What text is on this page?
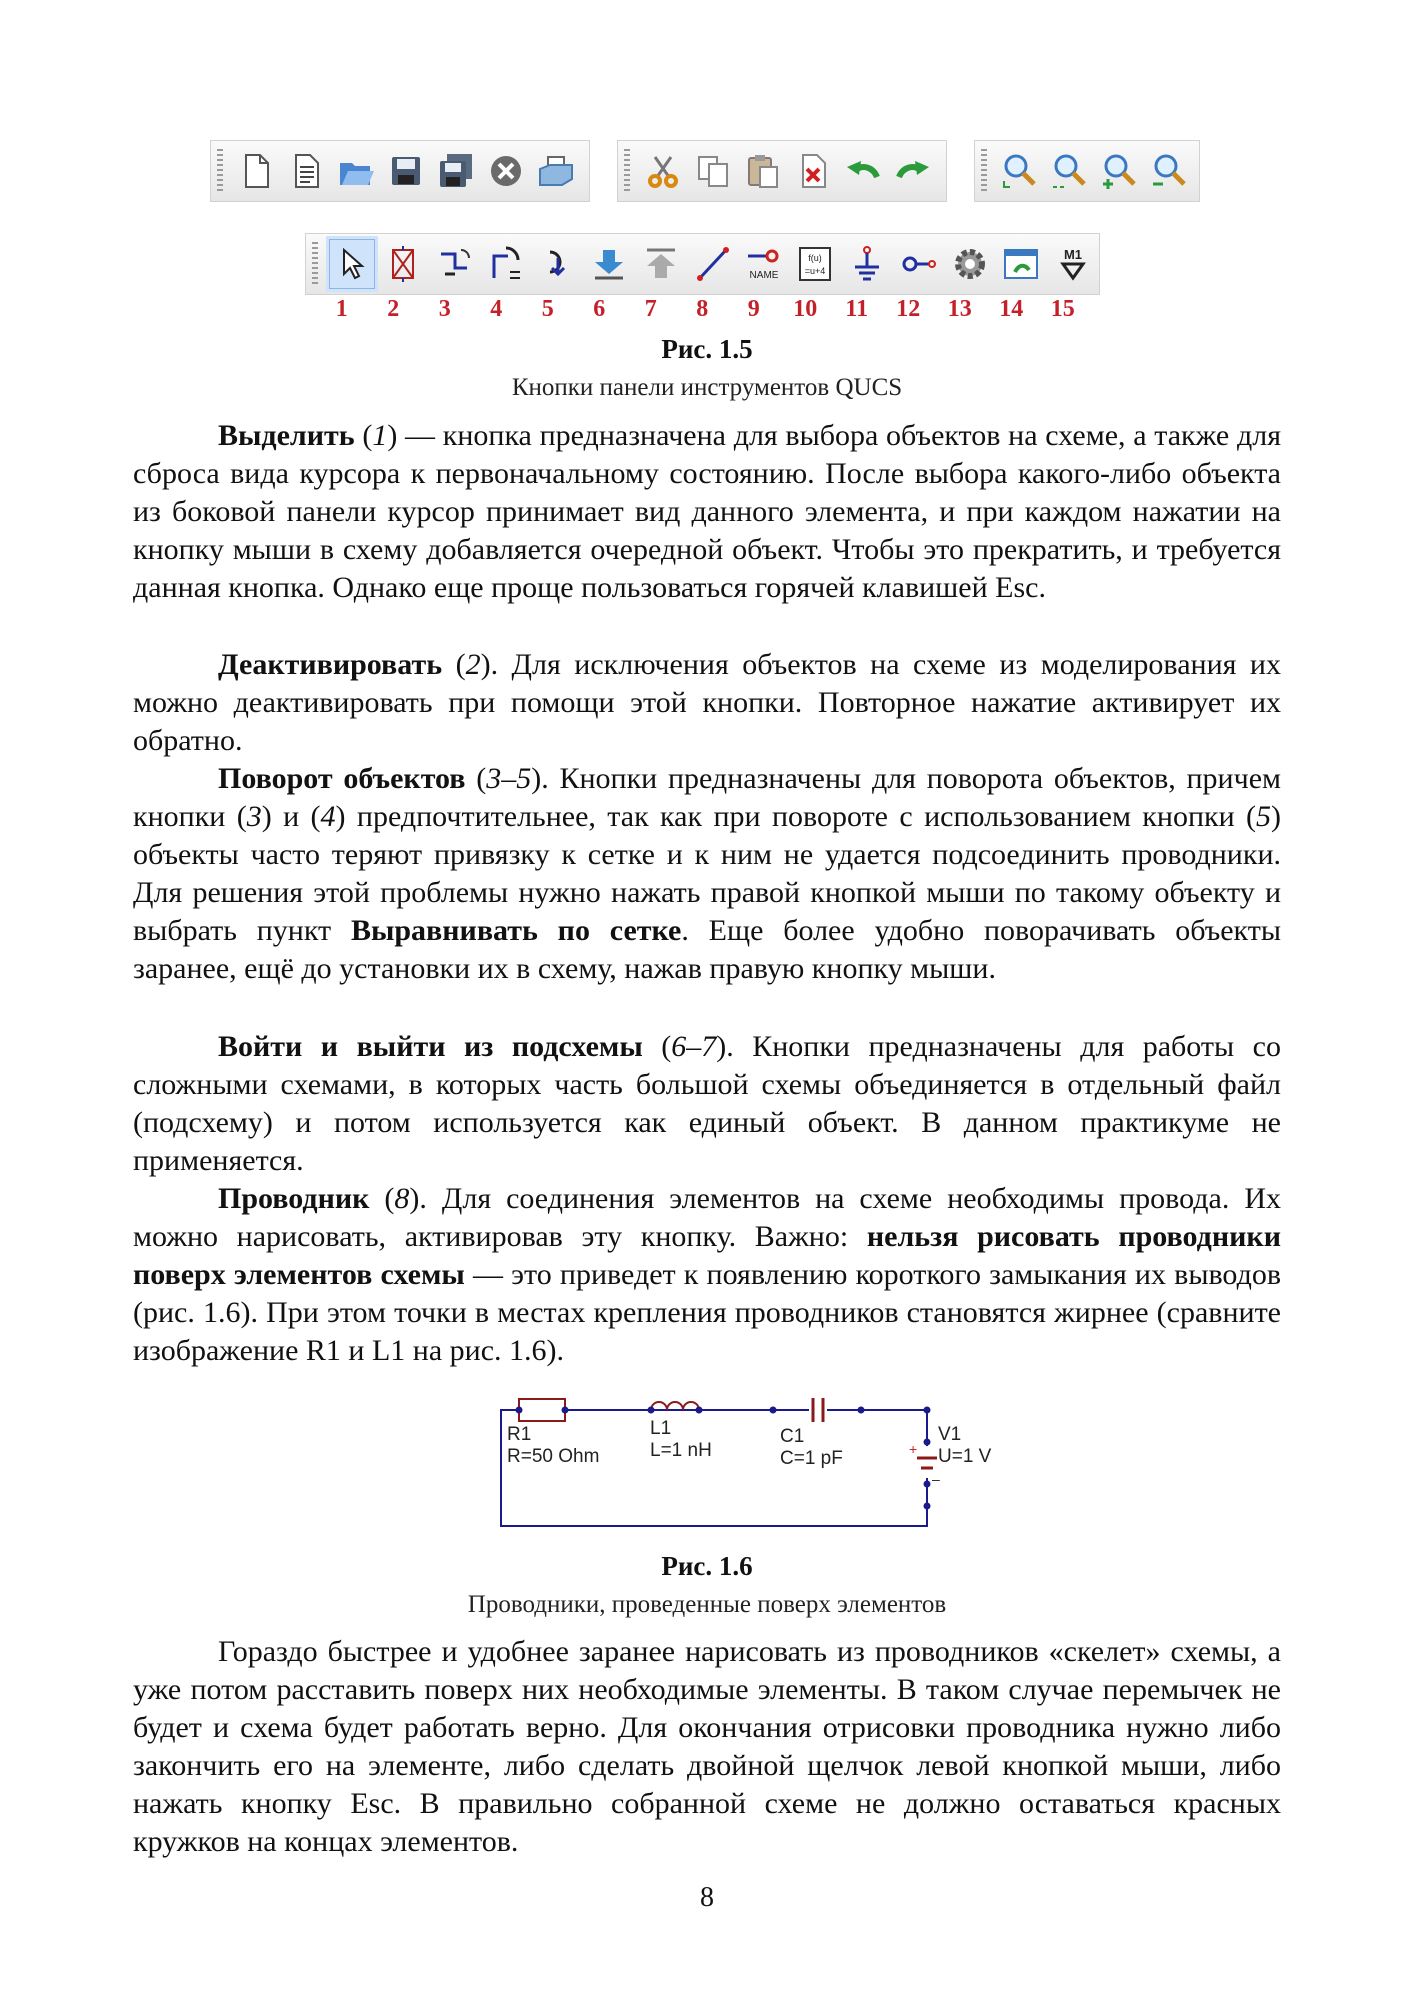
NAME
f(u)
=u+4
M1
1	2	3	4	5	6	7	8	9	10	11	12	13	14	15
Рис. 1.5
Кнопки панели инструментов QUCS
Выделить (1) — кнопка предназначена для выбора объектов на схеме, а также для сброса вида курсора к первоначальному состоянию. После выбора какого-либо объекта из боковой панели курсор принимает вид данного элемента, и при каждом нажатии на кнопку мыши в схему добавляется очередной объект. Чтобы это прекратить, и требуется данная кнопка. Однако еще проще пользоваться горячей клавишей Esc.
Деактивировать (2). Для исключения объектов на схеме из моделирования их можно деактивировать при помощи этой кнопки. Повторное нажатие активирует их обратно.
Поворот объектов (3–5). Кнопки предназначены для поворота объектов, причем кнопки (3) и (4) предпочтительнее, так как при повороте с использованием кнопки (5) объекты часто теряют привязку к сетке и к ним не удается подсоединить проводники. Для решения этой проблемы нужно нажать правой кнопкой мыши по такому объекту и выбрать пункт Выравнивать по сетке. Еще более удобно поворачивать объекты заранее, ещё до установки их в схему, нажав правую кнопку мыши.
Войти и выйти из подсхемы (6–7). Кнопки предназначены для работы со сложными схемами, в которых часть большой схемы объединяется в отдельный файл (подсхему) и потом используется как единый объект. В данном практикуме не применяется.
Проводник (8). Для соединения элементов на схеме необходимы провода. Их можно нарисовать, активировав эту кнопку. Важно: нельзя рисовать проводники поверх элементов схемы — это приведет к появлению короткого замыкания их выводов (рис. 1.6). При этом точки в местах крепления проводников становятся жирнее (сравните изображение R1 и L1 на рис. 1.6).
+
–
R1
R=50 Ohm
L1
L=1 nH
C1
C=1 pF
V1
U=1 V
Рис. 1.6
Проводники, проведенные поверх элементов
Гораздо быстрее и удобнее заранее нарисовать из проводников «скелет» схемы, а уже потом расставить поверх них необходимые элементы. В таком случае перемычек не будет и схема будет работать верно. Для окончания отрисовки проводника нужно либо закончить его на элементе, либо сделать двойной щелчок левой кнопкой мыши, либо нажать кнопку Esc. В правильно собранной схеме не должно оставаться красных кружков на концах элементов.
8
